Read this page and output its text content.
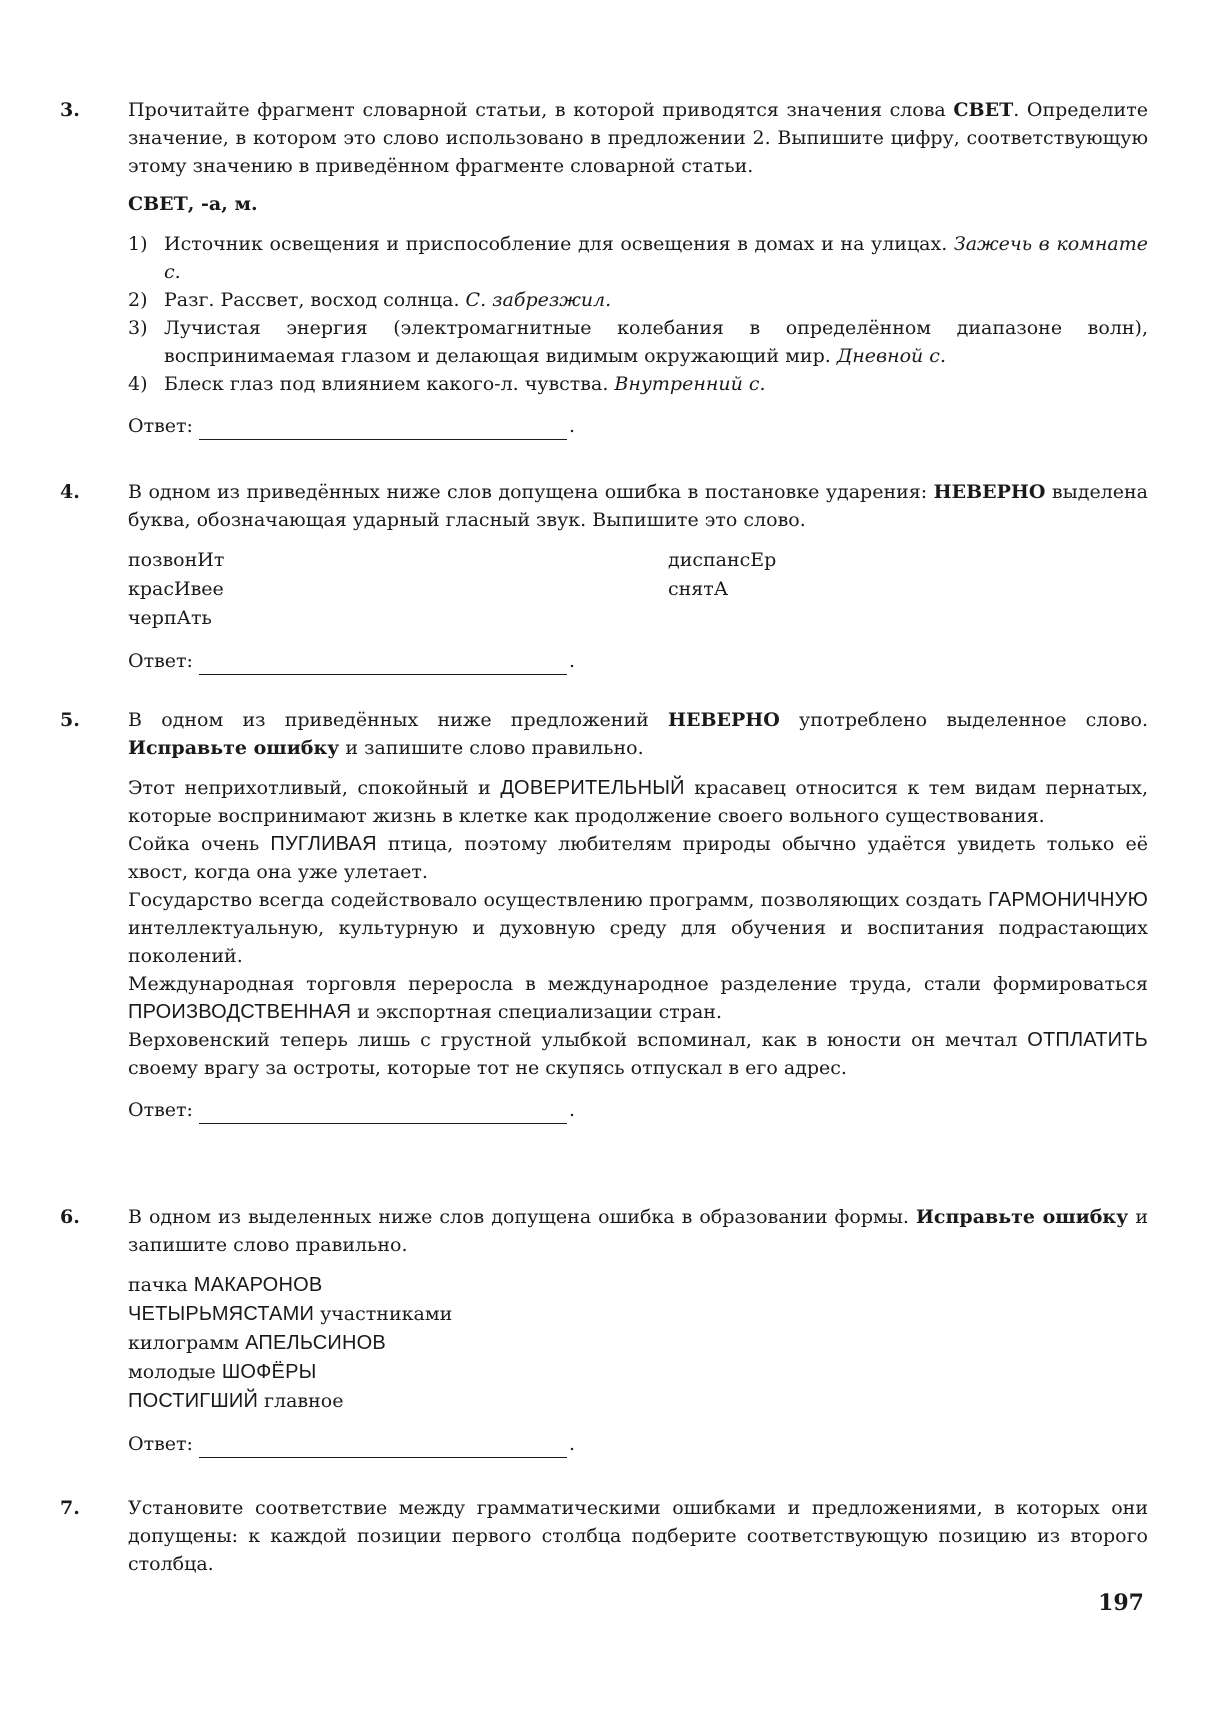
3.	Прочитайте фрагмент словарной статьи, в которой приводятся значения слова СВЕТ. Определите значение, в котором это слово использовано в предложении 2. Выпишите цифру, соответствующую этому значению в приведённом фрагменте словарной статьи.

СВЕТ, -а, м.
1) Источник освещения и приспособление для освещения в домах и на улицах. Зажечь в комнате с.
2) Разг. Рассвет, восход солнца. С. забрезжил.
3) Лучистая энергия (электромагнитные колебания в определённом диапазоне волн), воспринимаемая глазом и делающая видимым окружающий мир. Дневной с.
4) Блеск глаз под влиянием какого-л. чувства. Внутренний с.
Ответ:	.
4.	В одном из приведённых ниже слов допущена ошибка в постановке ударения: НЕВЕРНО выделена буква, обозначающая ударный гласный звук. Выпишите это слово.

позвонИт	диспансЕр
красИвее	снятА
черпАть
Ответ:	.
5.	В одном из приведённых ниже предложений НЕВЕРНО употреблено выделенное слово. Исправьте ошибку и запишите слово правильно.

Этот неприхотливый, спокойный и ДОВЕРИТЕЛЬНЫЙ красавец относится к тем видам пернатых, которые воспринимают жизнь в клетке как продолжение своего вольного существования.

Сойка очень ПУГЛИВАЯ птица, поэтому любителям природы обычно удаётся увидеть только её хвост, когда она уже улетает.

Государство всегда содействовало осуществлению программ, позволяющих создать ГАРМОНИЧНУЮ интеллектуальную, культурную и духовную среду для обучения и воспитания подрастающих поколений.

Международная торговля переросла в международное разделение труда, стали формироваться ПРОИЗВОДСТВЕННАЯ и экспортная специализации стран.

Верховенский теперь лишь с грустной улыбкой вспоминал, как в юности он мечтал ОТПЛАТИТЬ своему врагу за остроты, которые тот не скупясь отпускал в его адрес.

Ответ:	.
6.	В одном из выделенных ниже слов допущена ошибка в образовании формы. Исправьте ошибку и запишите слово правильно.

пачка МАКАРОНОВ
ЧЕТЫРЬМЯСТАМИ участниками
килограмм АПЕЛЬСИНОВ
молодые ШОФЁРЫ
ПОСТИГШИЙ главное
Ответ:	.
7.	Установите соответствие между грамматическими ошибками и предложениями, в которых они допущены: к каждой позиции первого столбца подберите соответствующую позицию из второго столбца.

197
